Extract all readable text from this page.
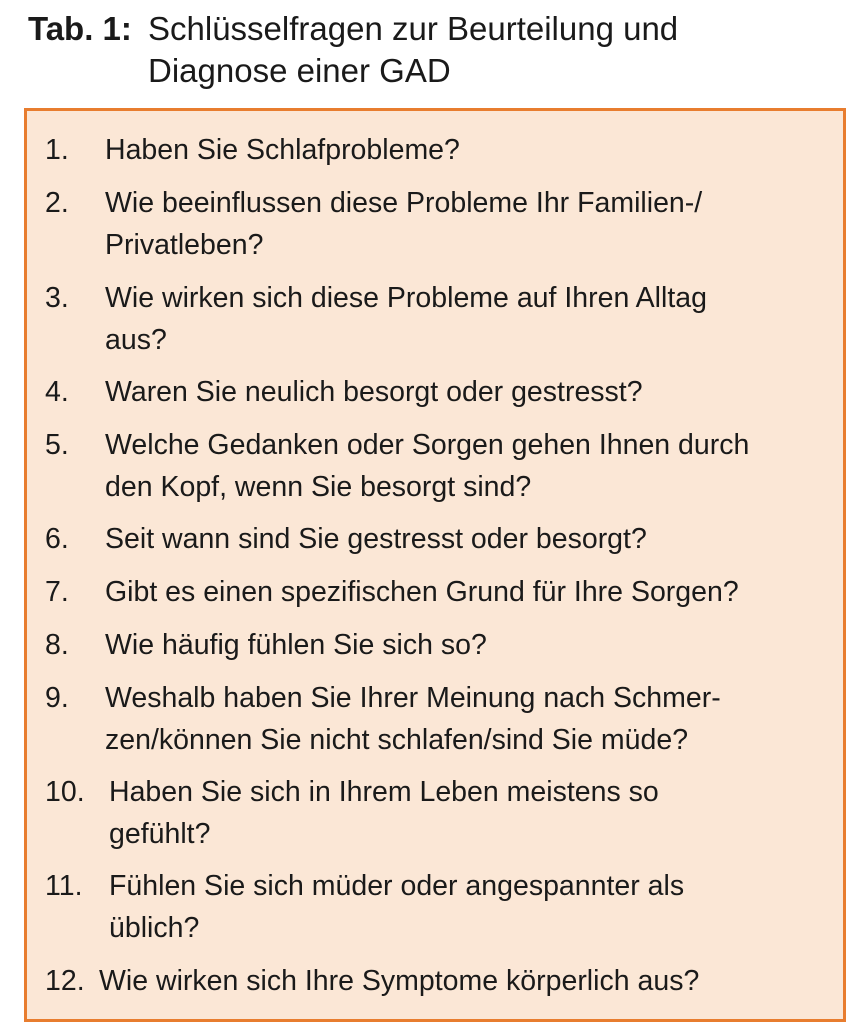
Tab. 1: Schlüsselfragen zur Beurteilung und
Diagnose einer GAD
1. Haben Sie Schlafprobleme?
2. Wie beeinflussen diese Probleme Ihr Familien-/
Privatleben?
3. Wie wirken sich diese Probleme auf Ihren Alltag
aus?
4. Waren Sie neulich besorgt oder gestresst?
5. Welche Gedanken oder Sorgen gehen Ihnen durch
den Kopf, wenn Sie besorgt sind?
6. Seit wann sind Sie gestresst oder besorgt?
7. Gibt es einen spezifischen Grund für Ihre Sorgen?
8. Wie häufig fühlen Sie sich so?
9. Weshalb haben Sie Ihrer Meinung nach Schmer-
zen/können Sie nicht schlafen/sind Sie müde?
10. Haben Sie sich in Ihrem Leben meistens so
gefühlt?
11. Fühlen Sie sich müder oder angespannter als
üblich?
12. Wie wirken sich Ihre Symptome körperlich aus?
